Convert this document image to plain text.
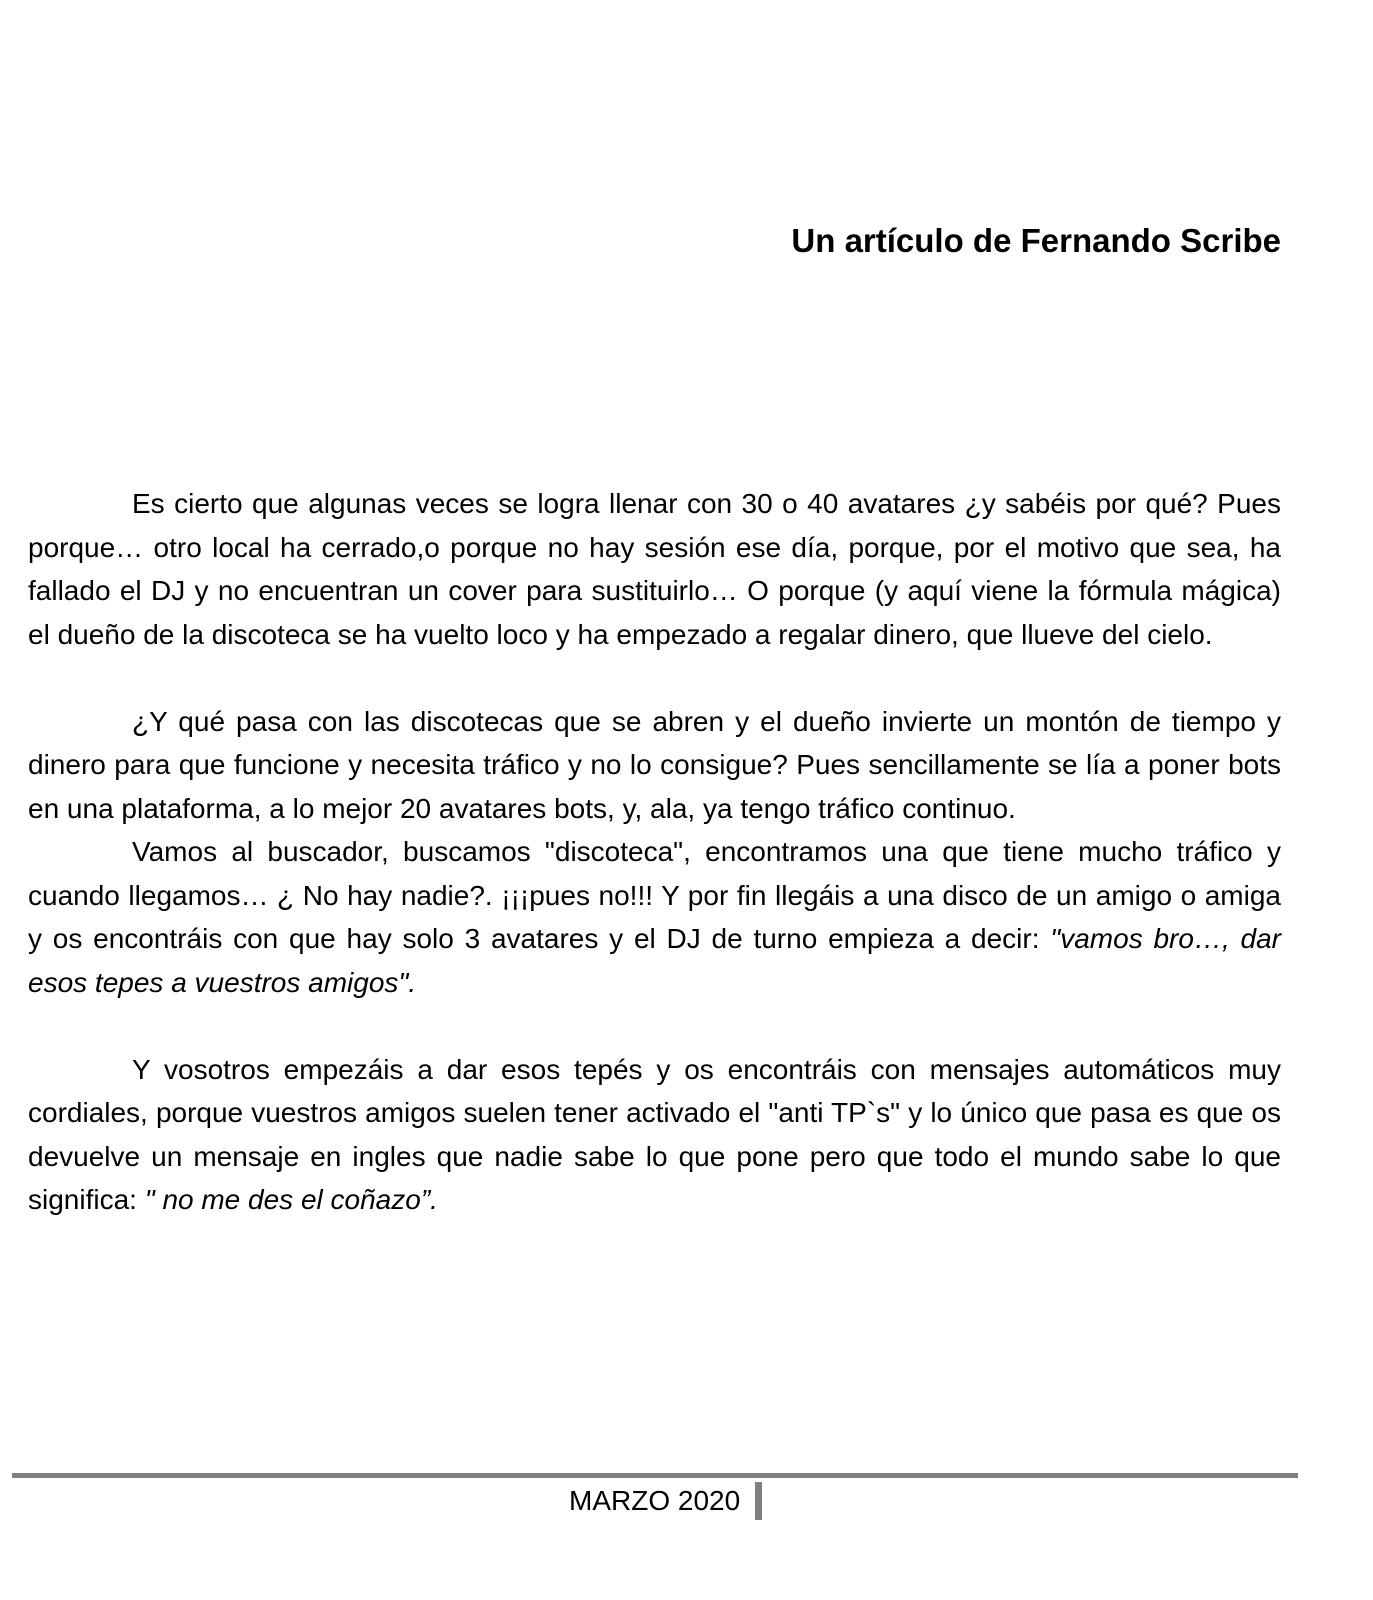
Un artículo de Fernando Scribe

Es cierto que algunas veces se logra llenar con 30 o 40 avatares ¿y sabéis por qué? Pues porque… otro local ha cerrado,o porque no hay sesión ese día, porque, por el motivo que sea, ha fallado el DJ y no encuentran un cover para sustituirlo… O porque (y aquí viene la fórmula mágica) el dueño de la discoteca se ha vuelto loco y ha empezado a regalar dinero, que llueve del cielo.

¿Y qué pasa con las discotecas que se abren y el dueño invierte un montón de tiempo y dinero para que funcione y necesita tráfico y no lo consigue? Pues sencillamente se lía a poner bots en una plataforma, a lo mejor 20 avatares bots, y, ala, ya tengo tráfico continuo.

Vamos al buscador, buscamos "discoteca", encontramos una que tiene mucho tráfico y cuando llegamos… ¿ No hay nadie?. ¡¡¡pues no!!! Y por fin llegáis a una disco de un amigo o amiga y os encontráis con que hay solo 3 avatares y el DJ de turno empieza a decir: "vamos bro…, dar esos tepes a vuestros amigos".

Y vosotros empezáis a dar esos tepés y os encontráis con mensajes automáticos muy cordiales, porque vuestros amigos suelen tener activado el "anti TP`s" y lo único que pasa es que os devuelve un mensaje en ingles que nadie sabe lo que pone pero que todo el mundo sabe lo que significa: " no me des el coñazo”.

MARZO 2020
